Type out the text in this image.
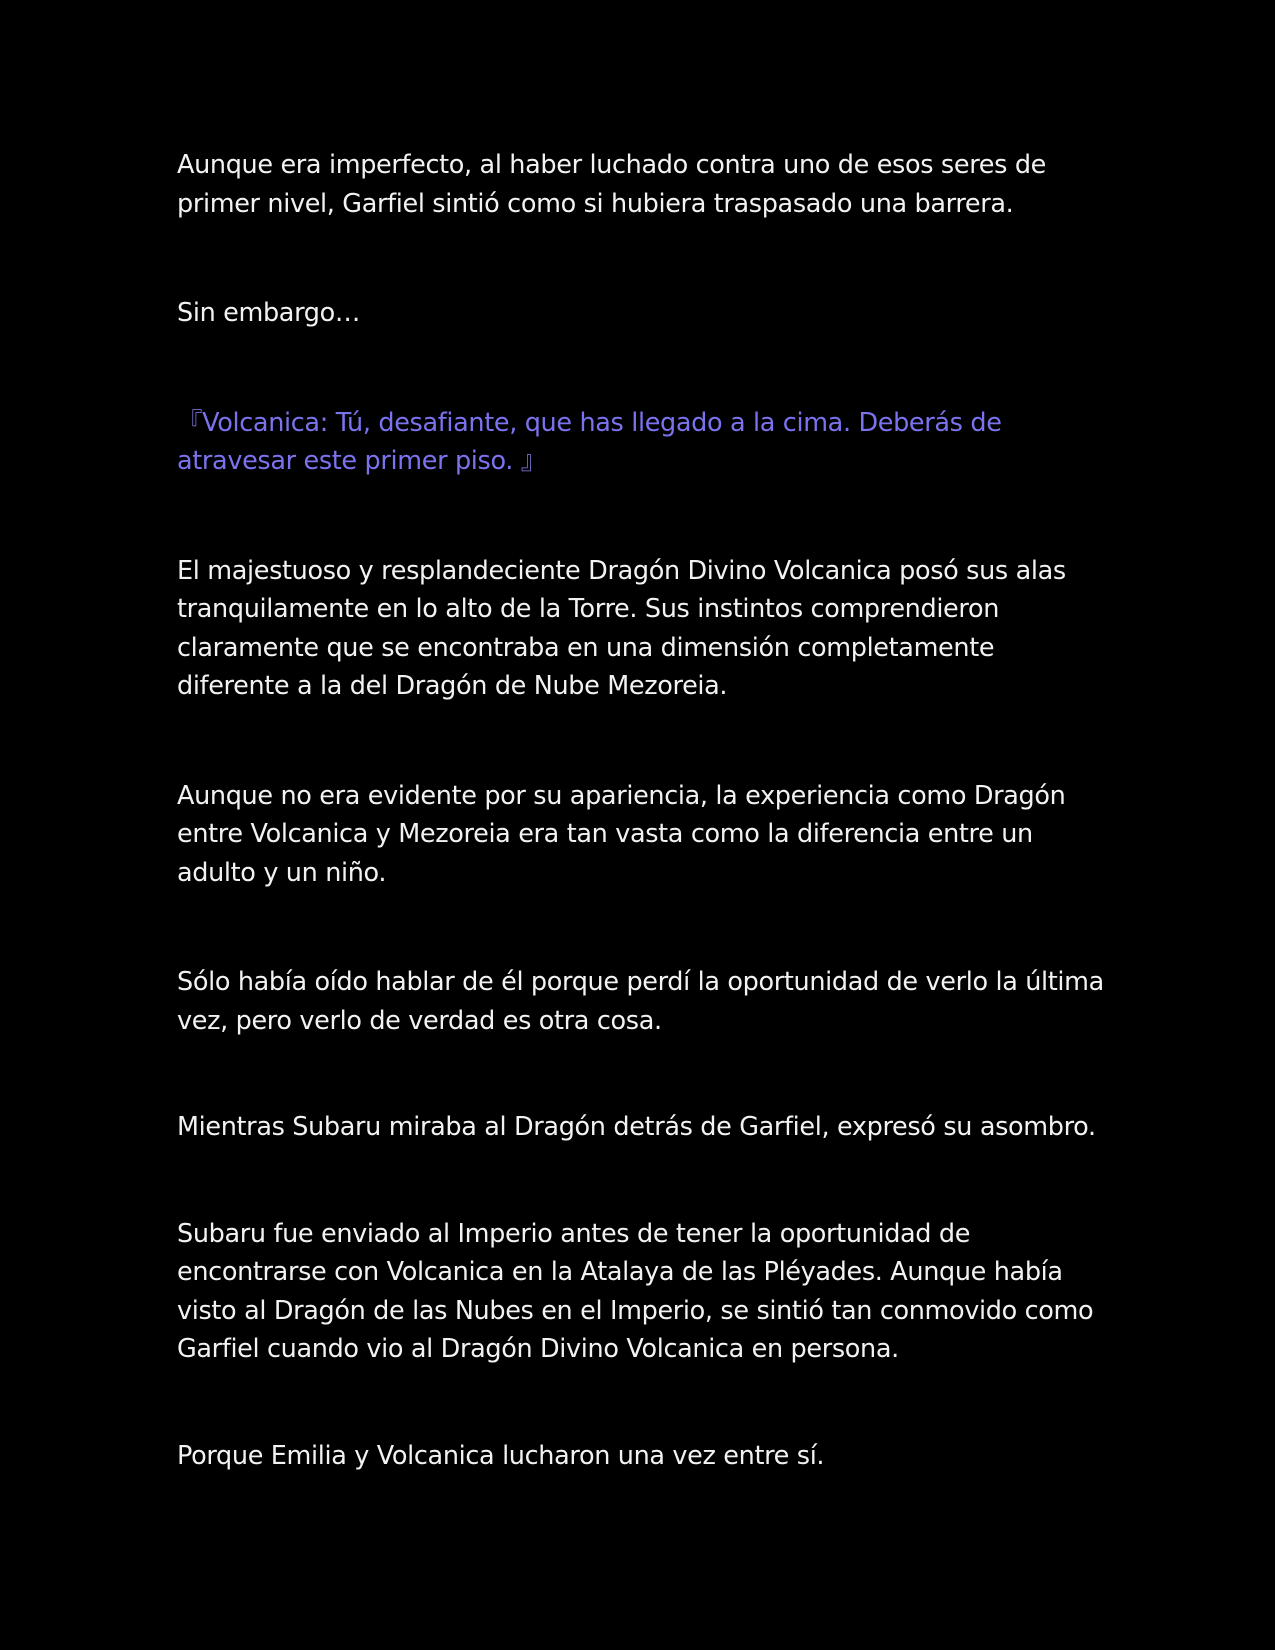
Aunque era imperfecto, al haber luchado contra uno de esos seres de primer nivel, Garfiel sintió como si hubiera traspasado una barrera.

Sin embargo…

『Volcanica: Tú, desafiante, que has llegado a la cima. Deberás de atravesar este primer piso. 』

El majestuoso y resplandeciente Dragón Divino Volcanica posó sus alas tranquilamente en lo alto de la Torre. Sus instintos comprendieron claramente que se encontraba en una dimensión completamente diferente a la del Dragón de Nube Mezoreia.

Aunque no era evidente por su apariencia, la experiencia como Dragón entre Volcanica y Mezoreia era tan vasta como la diferencia entre un adulto y un niño.

Sólo había oído hablar de él porque perdí la oportunidad de verlo la última vez, pero verlo de verdad es otra cosa.

Mientras Subaru miraba al Dragón detrás de Garfiel, expresó su asombro.

Subaru fue enviado al Imperio antes de tener la oportunidad de encontrarse con Volcanica en la Atalaya de las Pléyades. Aunque había visto al Dragón de las Nubes en el Imperio, se sintió tan conmovido como Garfiel cuando vio al Dragón Divino Volcanica en persona.

Porque Emilia y Volcanica lucharon una vez entre sí.
